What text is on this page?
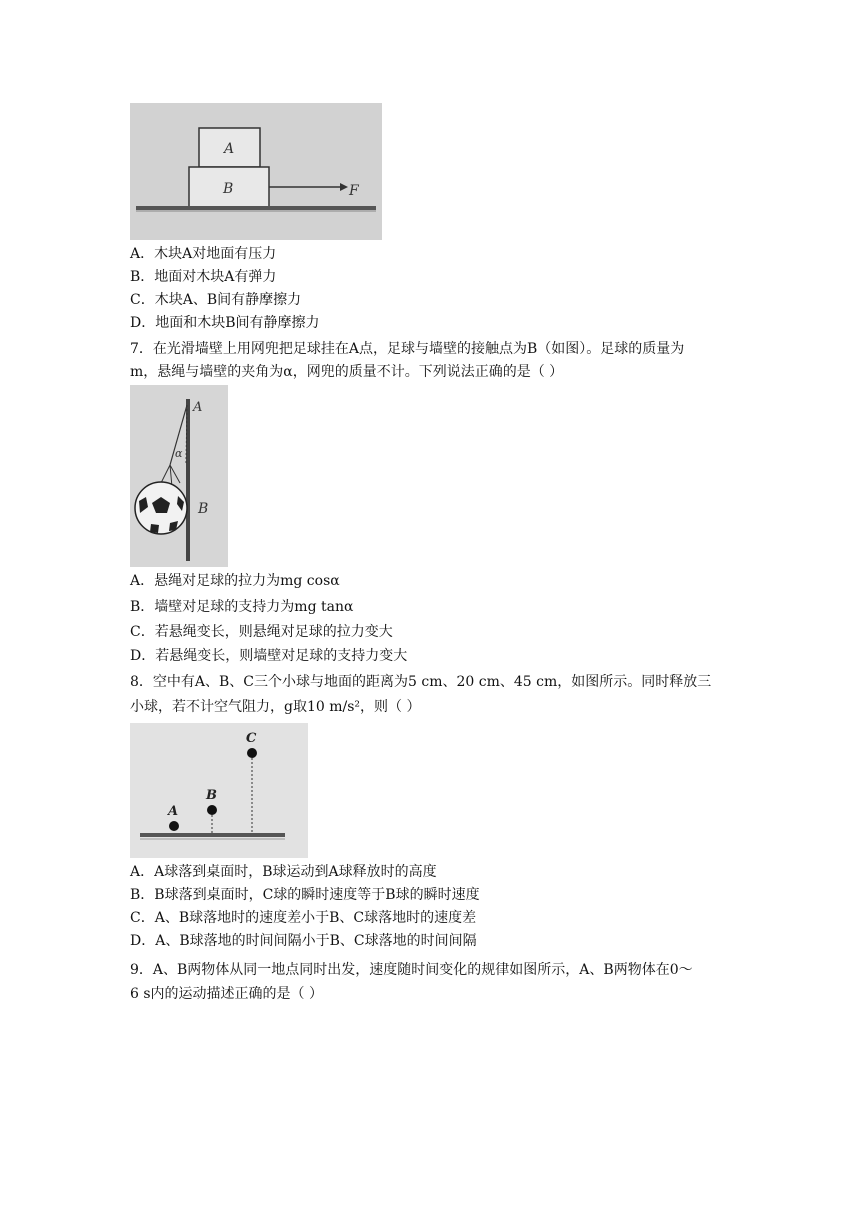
A
B	F
A．木块A对地面有压力
B．地面对木块A有弹力
C．木块A、B间有静摩擦力
D．地面和木块B间有静摩擦力
7．在光滑墙壁上用网兜把足球挂在A点，足球与墙壁的接触点为B（如图）。足球的质量为
m，悬绳与墙壁的夹角为α，网兜的质量不计。下列说法正确的是（ ）
A
α
B
A．悬绳对足球的拉力为mg cosα
B．墙壁对足球的支持力为mg tanα
C．若悬绳变长，则悬绳对足球的拉力变大
D．若悬绳变长，则墙壁对足球的支持力变大
8．空中有A、B、C三个小球与地面的距离为5 cm、20 cm、45 cm，如图所示。同时释放三
小球，若不计空气阻力，g取10 m/s²，则（ ）
A
B
C
A．A球落到桌面时，B球运动到A球释放时的高度
B．B球落到桌面时，C球的瞬时速度等于B球的瞬时速度
C．A、B球落地时的速度差小于B、C球落地时的速度差
D．A、B球落地的时间间隔小于B、C球落地的时间间隔
9．A、B两物体从同一地点同时出发，速度随时间变化的规律如图所示，A、B两物体在0～
6 s内的运动描述正确的是（ ）
